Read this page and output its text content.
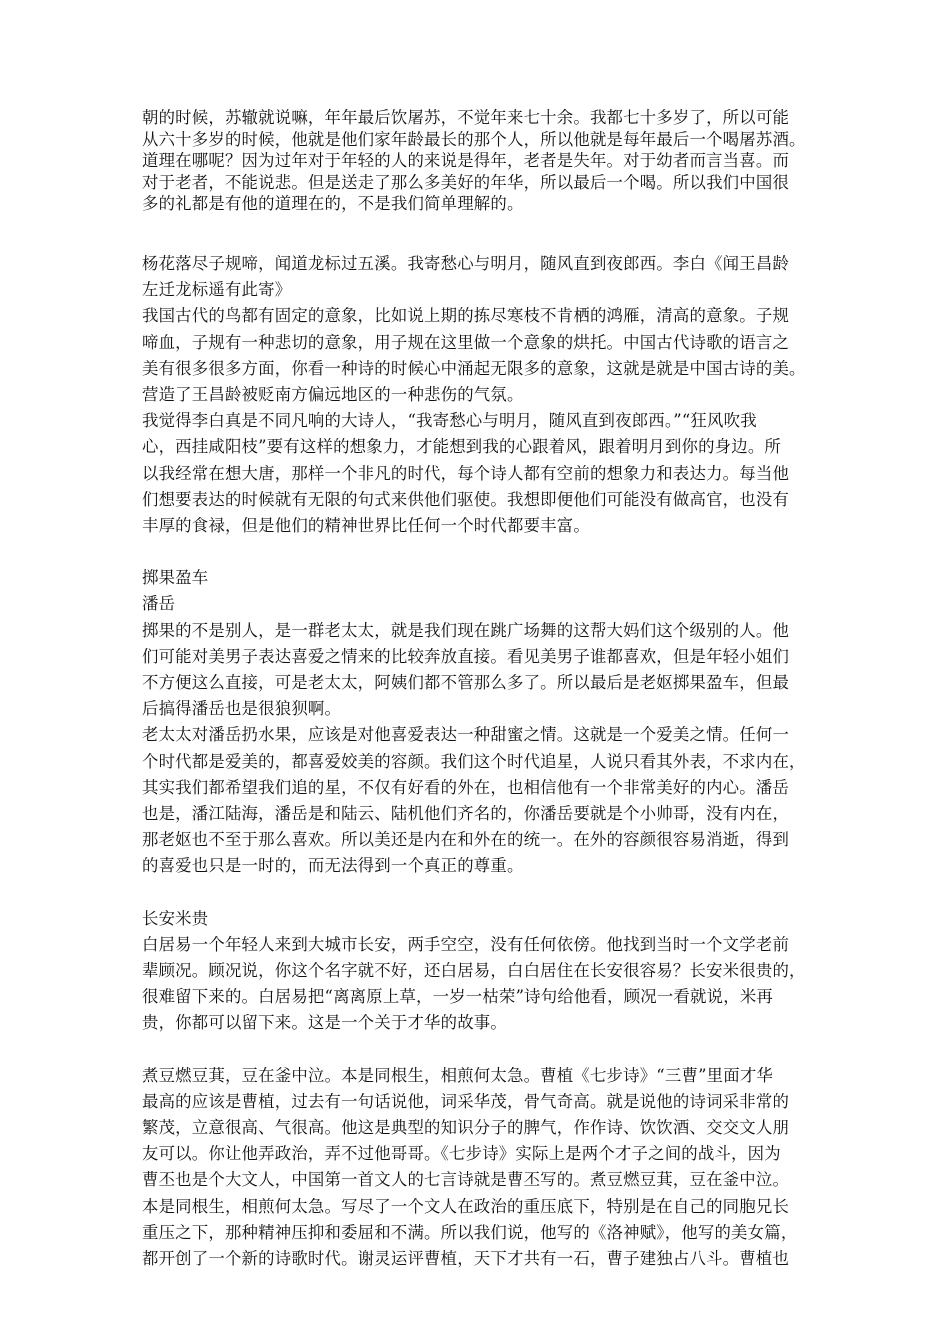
朝的时候，苏辙就说嘛，年年最后饮屠苏，不觉年来七十余。我都七十多岁了，所以可能

从六十多岁的时候，他就是他们家年龄最长的那个人，所以他就是每年最后一个喝屠苏酒。

道理在哪呢？因为过年对于年轻的人的来说是得年，老者是失年。对于幼者而言当喜。而

对于老者，不能说悲。但是送走了那么多美好的年华，所以最后一个喝。所以我们中国很

多的礼都是有他的道理在的，不是我们简单理解的。

杨花落尽子规啼，闻道龙标过五溪。我寄愁心与明月，随风直到夜郎西。李白《闻王昌龄

左迁龙标遥有此寄》

我国古代的鸟都有固定的意象，比如说上期的拣尽寒枝不肯栖的鸿雁，清高的意象。子规

啼血，子规有一种悲切的意象，用子规在这里做一个意象的烘托。中国古代诗歌的语言之

美有很多很多方面，你看一种诗的时候心中涌起无限多的意象，这就是就是中国古诗的美。

营造了王昌龄被贬南方偏远地区的一种悲伤的气氛。

我觉得李白真是不同凡响的大诗人，“我寄愁心与明月，随风直到夜郎西。”“狂风吹我

心，西挂咸阳枝”要有这样的想象力，才能想到我的心跟着风，跟着明月到你的身边。所

以我经常在想大唐，那样一个非凡的时代，每个诗人都有空前的想象力和表达力。每当他

们想要表达的时候就有无限的句式来供他们驱使。我想即便他们可能没有做高官，也没有

丰厚的食禄，但是他们的精神世界比任何一个时代都要丰富。

掷果盈车

潘岳

掷果的不是别人，是一群老太太，就是我们现在跳广场舞的这帮大妈们这个级别的人。他

们可能对美男子表达喜爱之情来的比较奔放直接。看见美男子谁都喜欢，但是年轻小姐们

不方便这么直接，可是老太太，阿姨们都不管那么多了。所以最后是老妪掷果盈车，但最

后搞得潘岳也是很狼狈啊。

老太太对潘岳扔水果，应该是对他喜爱表达一种甜蜜之情。这就是一个爱美之情。任何一

个时代都是爱美的，都喜爱姣美的容颜。我们这个时代追星，人说只看其外表，不求内在，

其实我们都希望我们追的星，不仅有好看的外在，也相信他有一个非常美好的内心。潘岳

也是，潘江陆海，潘岳是和陆云、陆机他们齐名的，你潘岳要就是个小帅哥，没有内在，

那老妪也不至于那么喜欢。所以美还是内在和外在的统一。在外的容颜很容易消逝，得到

的喜爱也只是一时的，而无法得到一个真正的尊重。

长安米贵

白居易一个年轻人来到大城市长安，两手空空，没有任何依傍。他找到当时一个文学老前

辈顾况。顾况说，你这个名字就不好，还白居易，白白居住在长安很容易？长安米很贵的，

很难留下来的。白居易把“离离原上草，一岁一枯荣”诗句给他看，顾况一看就说，米再

贵，你都可以留下来。这是一个关于才华的故事。

煮豆燃豆萁，豆在釜中泣。本是同根生，相煎何太急。曹植《七步诗》“三曹”里面才华

最高的应该是曹植，过去有一句话说他，词采华茂，骨气奇高。就是说他的诗词采非常的

繁茂，立意很高、气很高。他这是典型的知识分子的脾气，作作诗、饮饮酒、交交文人朋

友可以。你让他弄政治，弄不过他哥哥。《七步诗》实际上是两个才子之间的战斗，因为

曹丕也是个大文人，中国第一首文人的七言诗就是曹丕写的。煮豆燃豆萁，豆在釜中泣。

本是同根生，相煎何太急。写尽了一个文人在政治的重压底下，特别是在自己的同胞兄长

重压之下，那种精神压抑和委屈和不满。所以我们说，他写的《洛神赋》，他写的美女篇，

都开创了一个新的诗歌时代。谢灵运评曹植，天下才共有一石，曹子建独占八斗。曹植也
